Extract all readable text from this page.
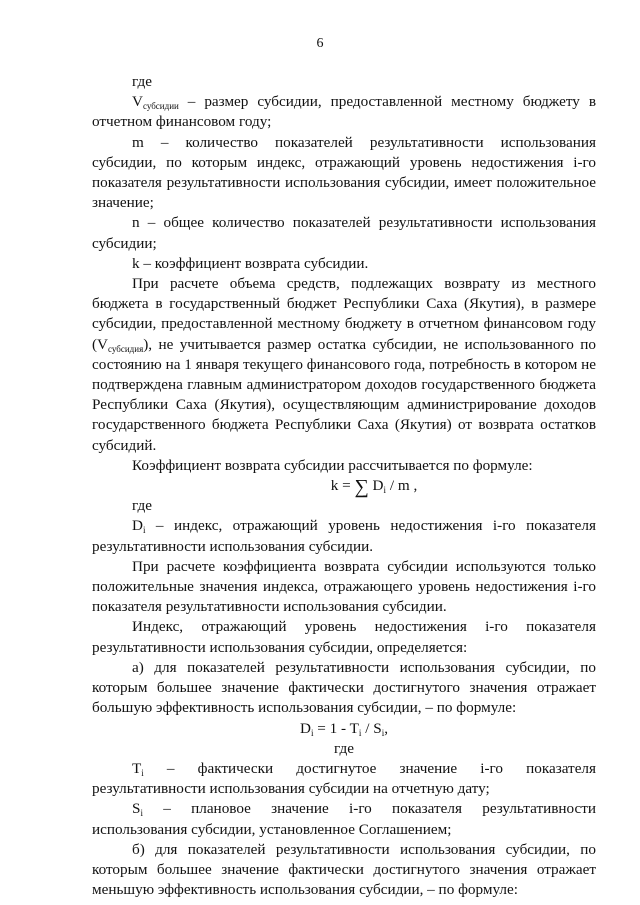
6

где

$V_{субсидии}$ – размер субсидии, предоставленной местному бюджету в отчетном финансовом году;

m – количество показателей результативности использования субсидии, по которым индекс, отражающий уровень недостижения i-го показателя результативности использования субсидии, имеет положительное значение;

n – общее количество показателей результативности использования субсидии;

k – коэффициент возврата субсидии.

При расчете объема средств, подлежащих возврату из местного бюджета в государственный бюджет Республики Саха (Якутия), в размере субсидии, предоставленной местному бюджету в отчетном финансовом году $(V_{субсидия})$, не учитывается размер остатка субсидии, не использованного по состоянию на 1 января текущего финансового года, потребность в котором не подтверждена главным администратором доходов государственного бюджета Республики Саха (Якутия), осуществляющим администрирование доходов государственного бюджета Республики Саха (Якутия) от возврата остатков субсидий.

Коэффициент возврата субсидии рассчитывается по формуле:

k = ∑ $D_i$ / m ,

где

$D_i$ – индекс, отражающий уровень недостижения i-го показателя результативности использования субсидии.

При расчете коэффициента возврата субсидии используются только положительные значения индекса, отражающего уровень недостижения i-го показателя результативности использования субсидии.

Индекс, отражающий уровень недостижения i-го показателя результативности использования субсидии, определяется:

а) для показателей результативности использования субсидии, по которым большее значение фактически достигнутого значения отражает большую эффективность использования субсидии, – по формуле:

$D_i = 1 - T_i / S_i$,

где

$T_i$ – фактически достигнутое значение i-го показателя результативности использования субсидии на отчетную дату;

$S_i$ – плановое значение i-го показателя результативности использования субсидии, установленное Соглашением;

б) для показателей результативности использования субсидии, по которым большее значение фактически достигнутого значения отражает меньшую эффективность использования субсидии, – по формуле:
